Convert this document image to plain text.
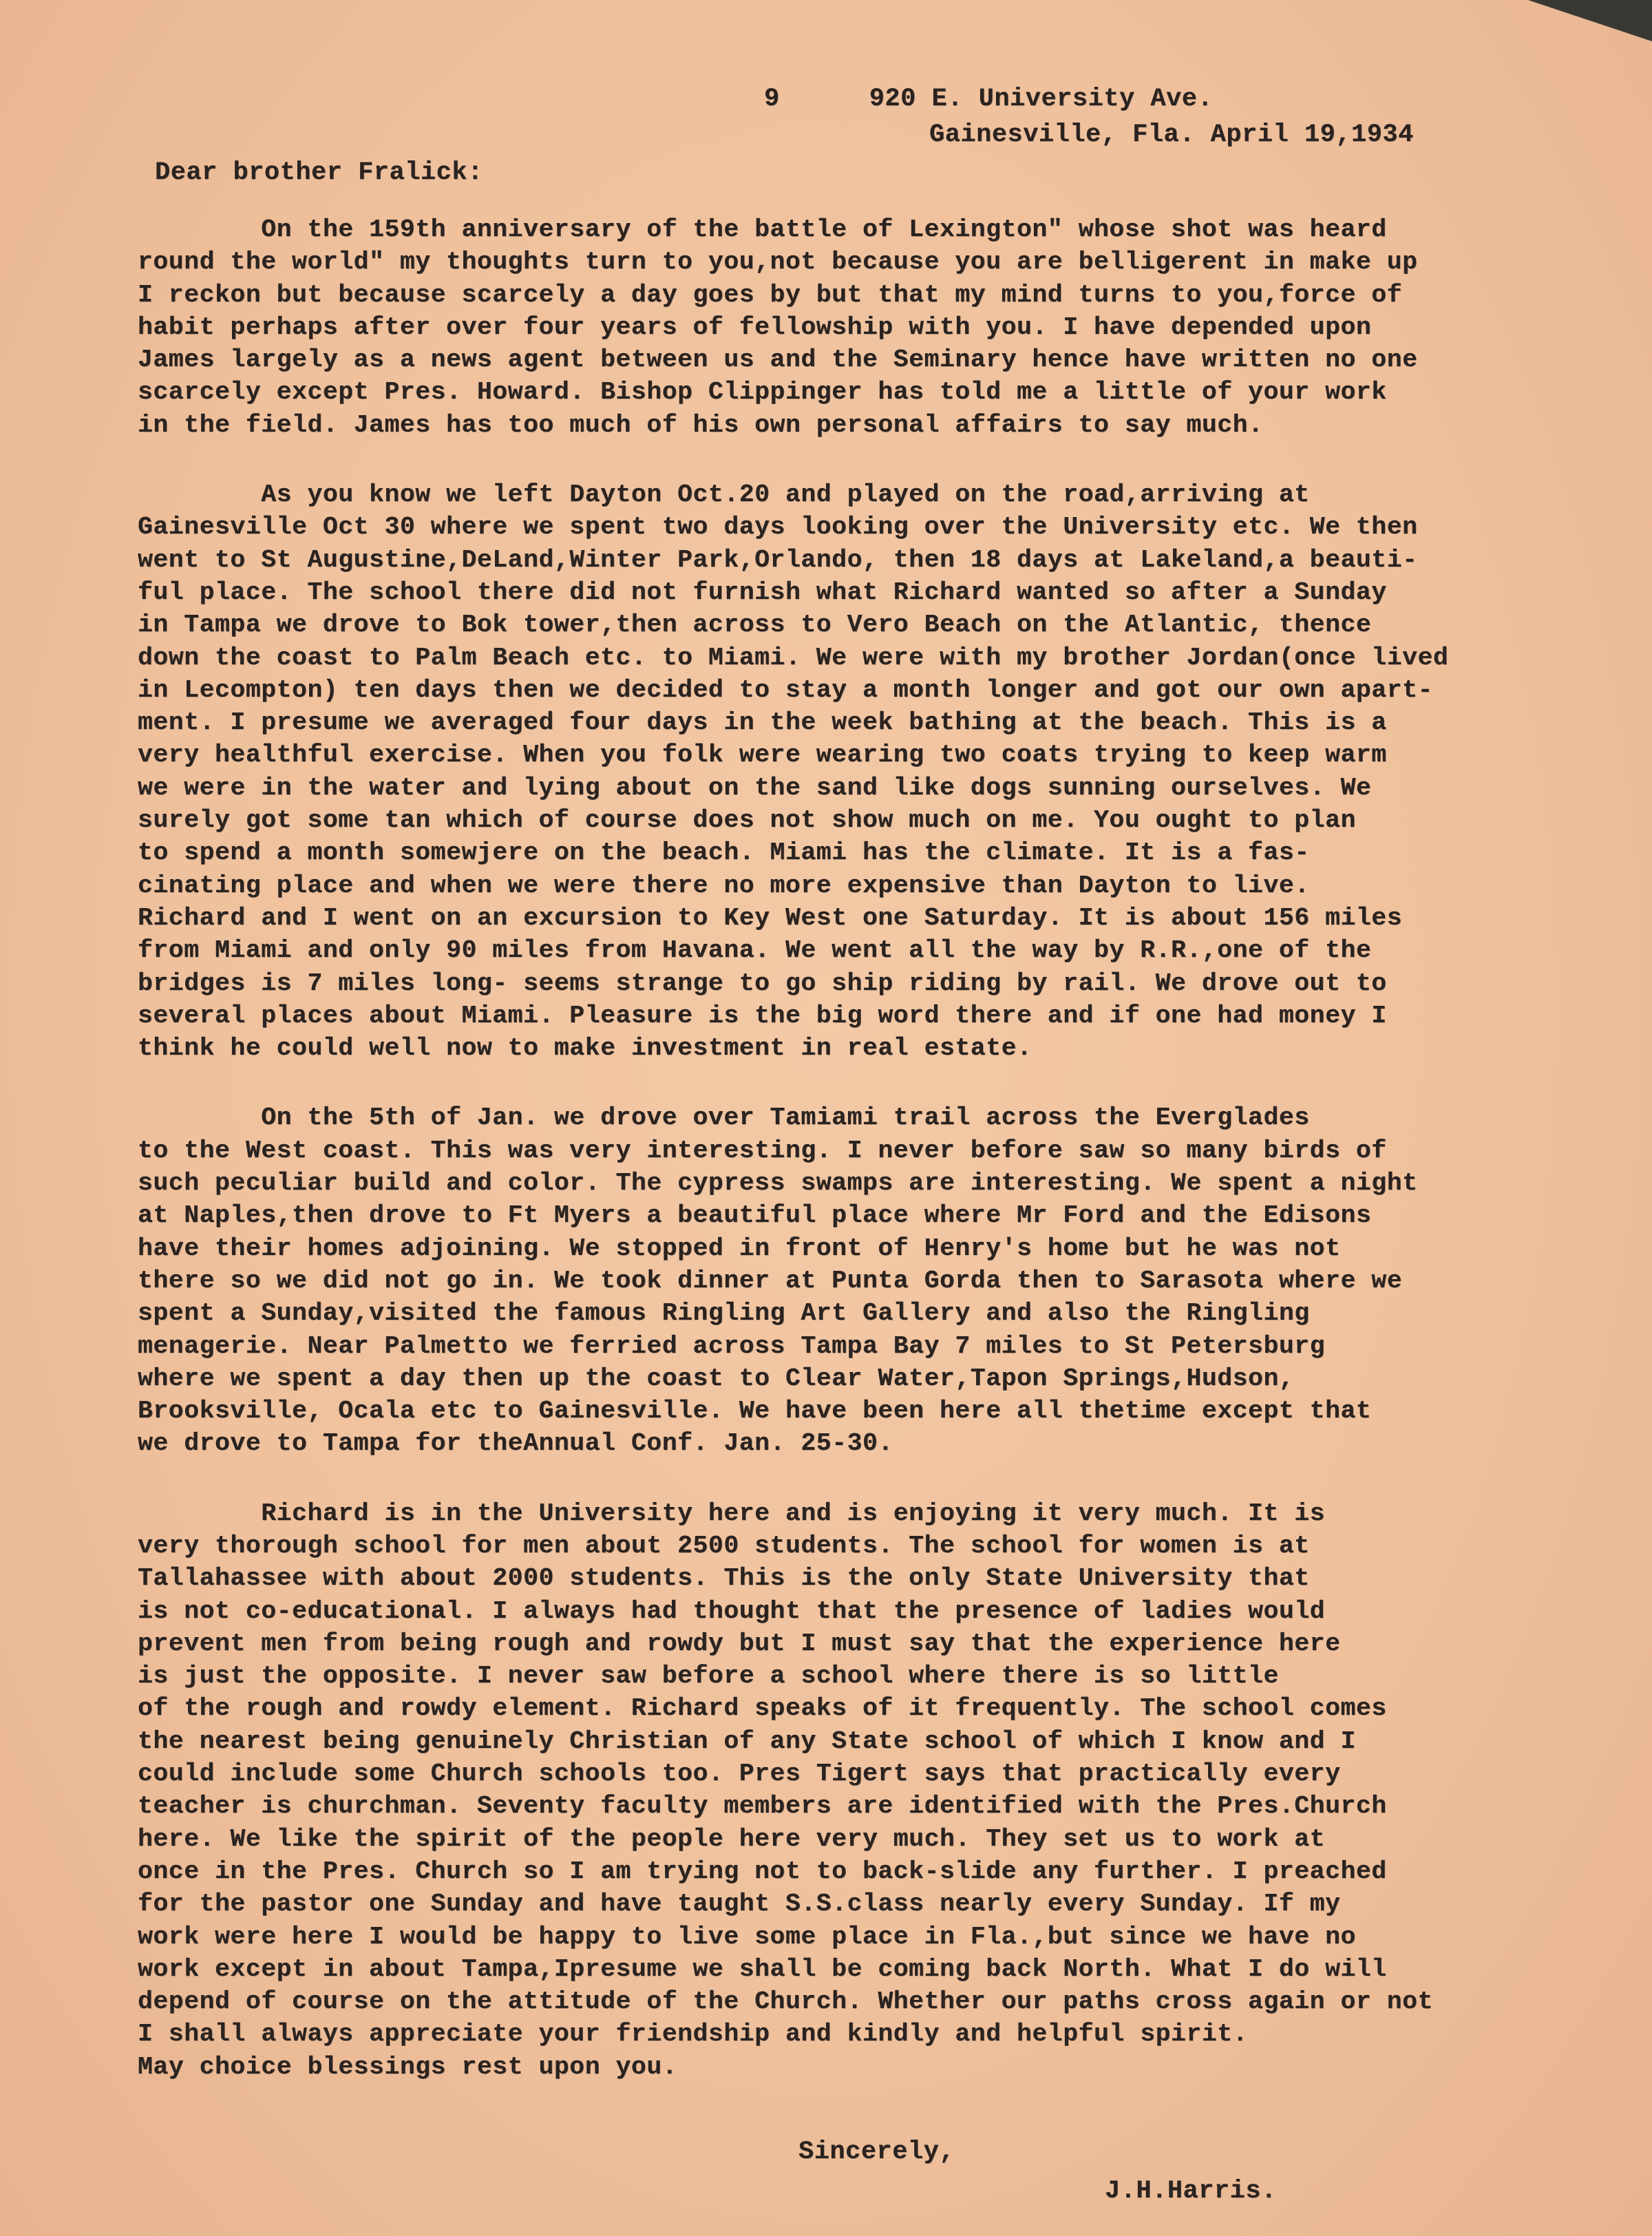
9	920 E. University Ave.
Gainesville, Fla. April 19,1934
Dear brother Fralick:
On the 159th anniversary of the battle of Lexington" whose shot was heard
round the world" my thoughts turn to you,not because you are belligerent in make up
I reckon but because scarcely a day goes by but that my mind turns to you,force of
habit perhaps after over four years of fellowship with you. I have depended upon
James largely as a news agent between us and the Seminary hence have written no one
scarcely except Pres. Howard. Bishop Clippinger has told me a little of your work
in the field. James has too much of his own personal affairs to say much.
As you know we left Dayton Oct.20 and played on the road,arriving at
Gainesville Oct 30 where we spent two days looking over the University etc. We then
went to St Augustine,DeLand,Winter Park,Orlando, then 18 days at Lakeland,a beauti-
ful place. The school there did not furnish what Richard wanted so after a Sunday
in Tampa we drove to Bok tower,then across to Vero Beach on the Atlantic, thence
down the coast to Palm Beach etc. to Miami. We were with my brother Jordan(once lived
in Lecompton) ten days then we decided to stay a month longer and got our own apart-
ment. I presume we averaged four days in the week bathing at the beach. This is a
very healthful exercise. When you folk were wearing two coats trying to keep warm
we were in the water and lying about on the sand like dogs sunning ourselves. We
surely got some tan which of course does not show much on me. You ought to plan
to spend a month somewjere on the beach. Miami has the climate. It is a fas-
cinating place and when we were there no more expensive than Dayton to live.
Richard and I went on an excursion to Key West one Saturday. It is about 156 miles
from Miami and only 90 miles from Havana. We went all the way by R.R.,one of the
bridges is 7 miles long- seems strange to go ship riding by rail. We drove out to
several places about Miami. Pleasure is the big word there and if one had money I
think he could well now to make investment in real estate.
On the 5th of Jan. we drove over Tamiami trail across the Everglades
to the West coast. This was very interesting. I never before saw so many birds of
such peculiar build and color. The cypress swamps are interesting. We spent a night
at Naples,then drove to Ft Myers a beautiful place where Mr Ford and the Edisons
have their homes adjoining. We stopped in front of Henry's home but he was not
there so we did not go in. We took dinner at Punta Gorda then to Sarasota where we
spent a Sunday,visited the famous Ringling Art Gallery and also the Ringling
menagerie. Near Palmetto we ferried across Tampa Bay 7 miles to St Petersburg
where we spent a day then up the coast to Clear Water,Tapon Springs,Hudson,
Brooksville, Ocala etc to Gainesville. We have been here all thetime except that
we drove to Tampa for theAnnual Conf. Jan. 25-30.
Richard is in the University here and is enjoying it very much. It is
very thorough school for men about 2500 students. The school for women is at
Tallahassee with about 2000 students. This is the only State University that
is not co-educational. I always had thought that the presence of ladies would
prevent men from being rough and rowdy but I must say that the experience here
is just the opposite. I never saw before a school where there is so little
of the rough and rowdy element. Richard speaks of it frequently. The school comes
the nearest being genuinely Christian of any State school of which I know and I
could include some Church schools too. Pres Tigert says that practically every
teacher is churchman. Seventy faculty members are identified with the Pres.Church
here. We like the spirit of the people here very much. They set us to work at
once in the Pres. Church so I am trying not to back-slide any further. I preached
for the pastor one Sunday and have taught S.S.class nearly every Sunday. If my
work were here I would be happy to live some place in Fla.,but since we have no
work except in about Tampa,Ipresume we shall be coming back North. What I do will
depend of course on the attitude of the Church. Whether our paths cross again or not
I shall always appreciate your friendship and kindly and helpful spirit.
May choice blessings rest upon you.
Sincerely,
J.H.Harris.
